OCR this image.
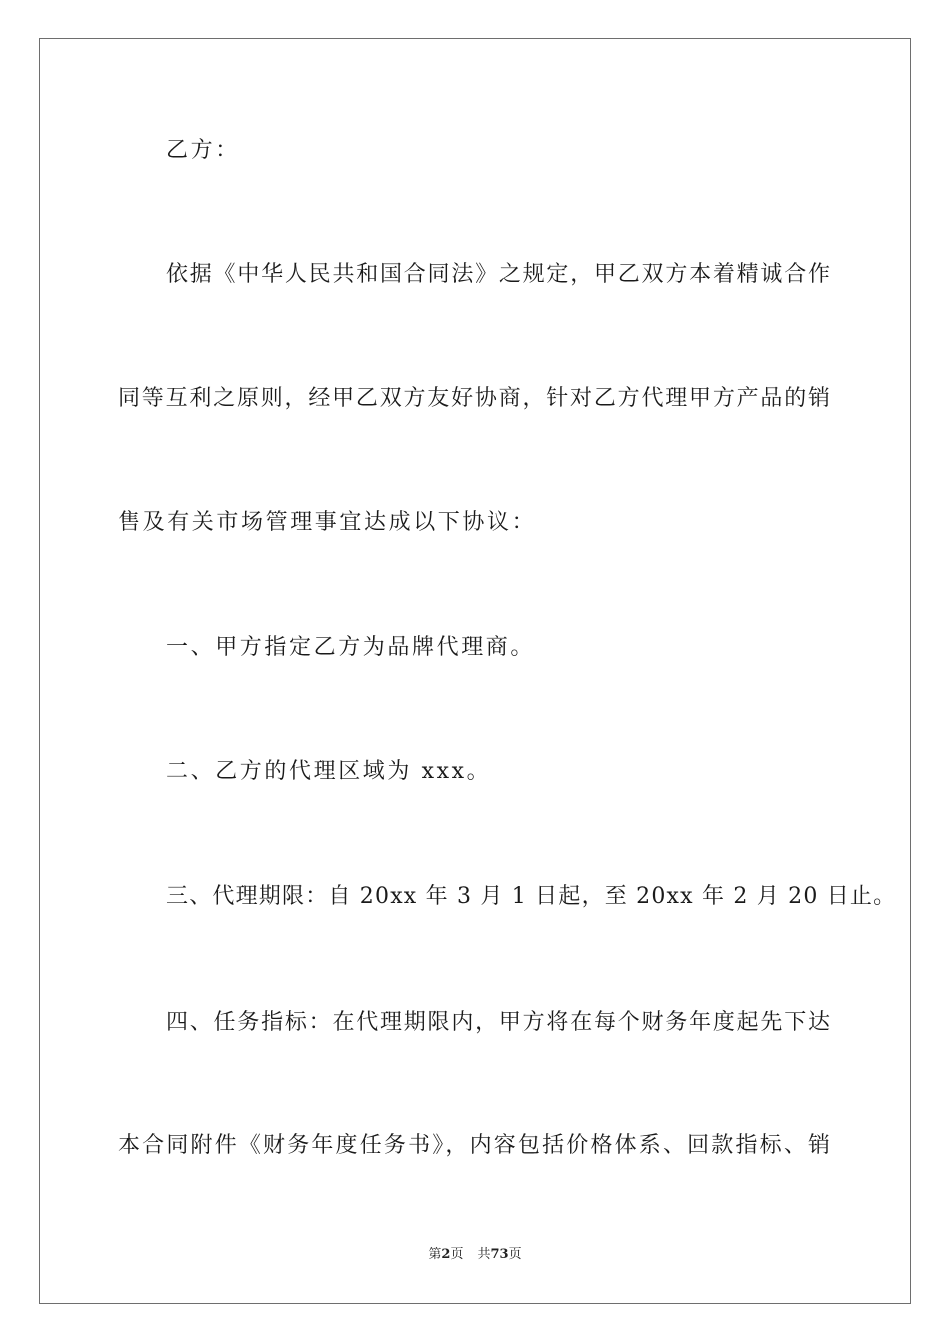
乙方：
依据《中华人民共和国合同法》之规定，甲乙双方本着精诚合作
同等互利之原则，经甲乙双方友好协商，针对乙方代理甲方产品的销
售及有关市场管理事宜达成以下协议：
一、甲方指定乙方为品牌代理商。
二、乙方的代理区域为 xxx。
三、代理期限：自 20xx 年 3 月 1 日起，至 20xx 年 2 月 20 日止。
四、任务指标：在代理期限内，甲方将在每个财务年度起先下达
本合同附件《财务年度任务书》，内容包括价格体系、回款指标、销
第2页 共73页
